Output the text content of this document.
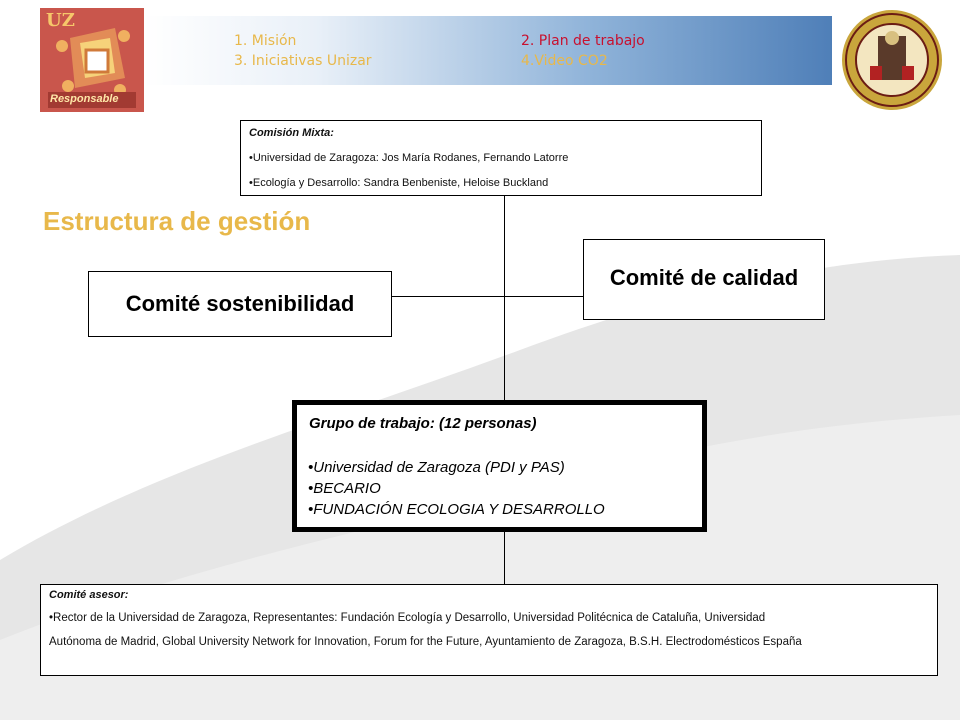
UZ
Responsable
1. Misión	2. Plan de trabajo
3. Iniciativas Unizar	4.Video CO2
Comisión Mixta:
•Universidad de Zaragoza: Jos María Rodanes, Fernando Latorre
•Ecología y Desarrollo: Sandra Benbeniste, Heloise Buckland
Estructura de gestión
Comité de calidad
Comité sostenibilidad
Grupo de trabajo: (12 personas)
•Universidad de Zaragoza (PDI y PAS)
•BECARIO
•FUNDACIÓN ECOLOGIA Y DESARROLLO
Comité asesor:
•Rector de la Universidad de Zaragoza, Representantes: Fundación Ecología y Desarrollo, Universidad Politécnica de Cataluña, Universidad
Autónoma de Madrid, Global University Network for Innovation, Forum for the Future, Ayuntamiento de Zaragoza, B.S.H. Electrodomésticos España
